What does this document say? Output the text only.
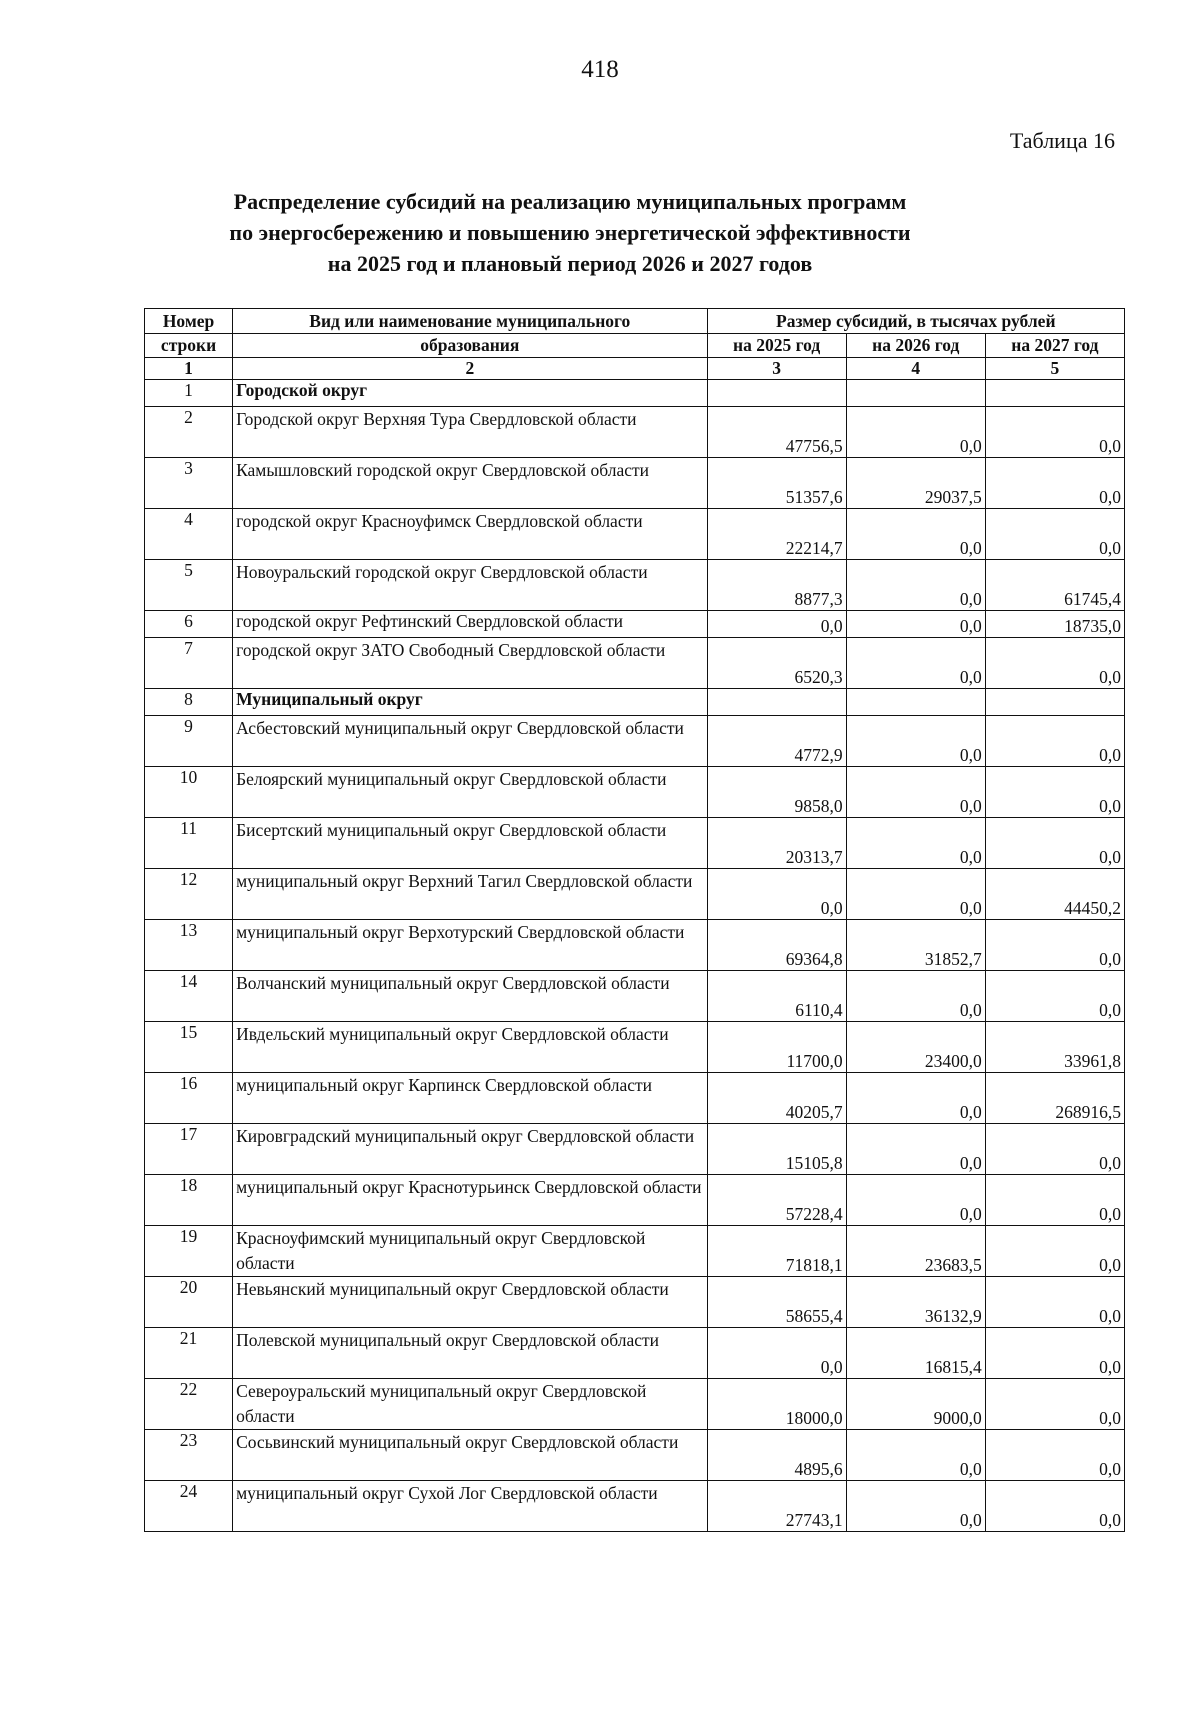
418
Таблица 16
Распределение субсидий на реализацию муниципальных программ
по энергосбережению и повышению энергетической эффективности
на 2025 год и плановый период 2026 и 2027 годов
Номер	Вид или наименование муниципального	Размер субсидий, в тысячах рублей		
строки	образования	на 2025 год	на 2026 год	на 2027 год
1	2	3	4	5
1	Городской округ			
2	Городской округ Верхняя Тура Свердловской области	47756,5	0,0	0,0
3	Камышловский городской округ Свердловской области	51357,6	29037,5	0,0
4	городской округ Красноуфимск Свердловской области	22214,7	0,0	0,0
5	Новоуральский городской округ Свердловской области	8877,3	0,0	61745,4
6	городской округ Рефтинский Свердловской области	0,0	0,0	18735,0
7	городской округ ЗАТО Свободный Свердловской области	6520,3	0,0	0,0
8	Муниципальный округ			
9	Асбестовский муниципальный округ Свердловской области	4772,9	0,0	0,0
10	Белоярский муниципальный округ Свердловской области	9858,0	0,0	0,0
11	Бисертский муниципальный округ Свердловской области	20313,7	0,0	0,0
12	муниципальный округ Верхний Тагил Свердловской области	0,0	0,0	44450,2
13	муниципальный округ Верхотурский Свердловской области	69364,8	31852,7	0,0
14	Волчанский муниципальный округ Свердловской области	6110,4	0,0	0,0
15	Ивдельский муниципальный округ Свердловской области	11700,0	23400,0	33961,8
16	муниципальный округ Карпинск Свердловской области	40205,7	0,0	268916,5
17	Кировградский муниципальный округ Свердловской области	15105,8	0,0	0,0
18	муниципальный округ Краснотурьинск Свердловской области	57228,4	0,0	0,0
19	Красноуфимский муниципальный округ Свердловской области	71818,1	23683,5	0,0
20	Невьянский муниципальный округ Свердловской области	58655,4	36132,9	0,0
21	Полевской муниципальный округ Свердловской области	0,0	16815,4	0,0
22	Североуральский муниципальный округ Свердловской области	18000,0	9000,0	0,0
23	Сосьвинский муниципальный округ Свердловской области	4895,6	0,0	0,0
24	муниципальный округ Сухой Лог Свердловской области	27743,1	0,0	0,0
